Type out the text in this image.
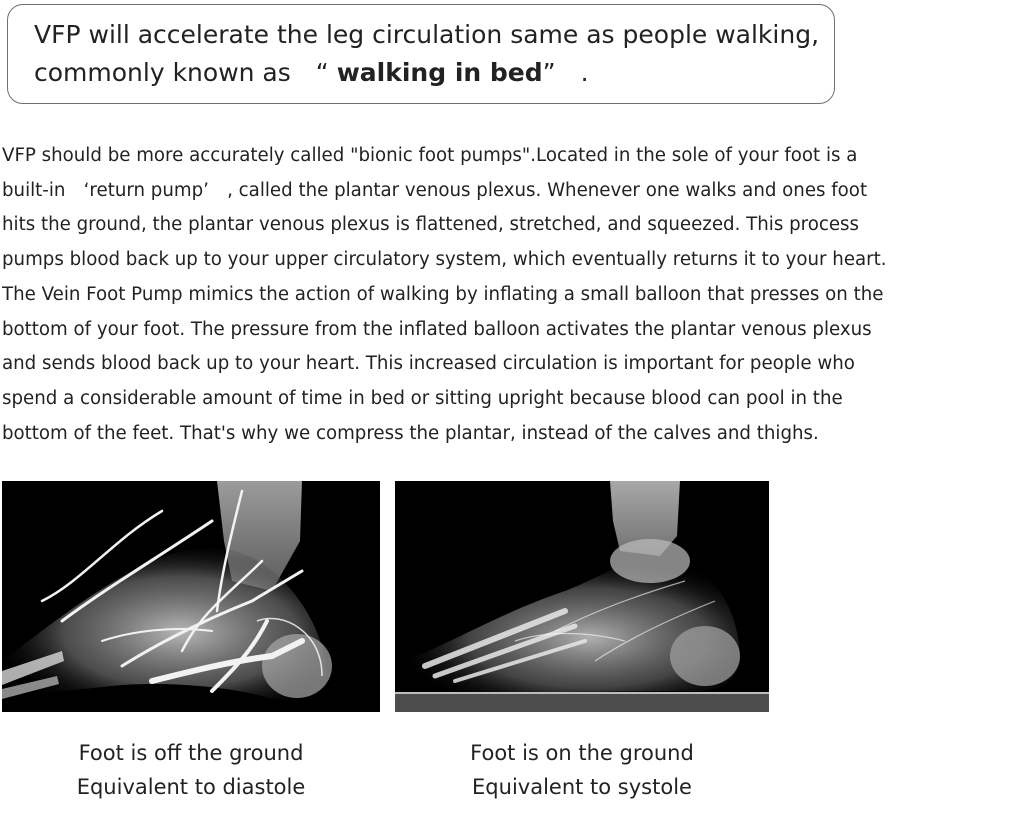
VFP will accelerate the leg circulation same as people walking,
commonly known as　“ walking in bed”　.
VFP should be more accurately called "bionic foot pumps".Located in the sole of your foot is a
built-in　‘return pump’　, called the plantar venous plexus. Whenever one walks and ones foot
hits the ground, the plantar venous plexus is flattened, stretched, and squeezed. This process
pumps blood back up to your upper circulatory system, which eventually returns it to your heart.
The Vein Foot Pump mimics the action of walking by inflating a small balloon that presses on the
bottom of your foot. The pressure from the inflated balloon activates the plantar venous plexus
and sends blood back up to your heart. This increased circulation is important for people who
spend a considerable amount of time in bed or sitting upright because blood can pool in the
bottom of the feet. That's why we compress the plantar, instead of the calves and thighs.
Foot is off the ground
Equivalent to diastole
Foot is on the ground
Equivalent to systole
